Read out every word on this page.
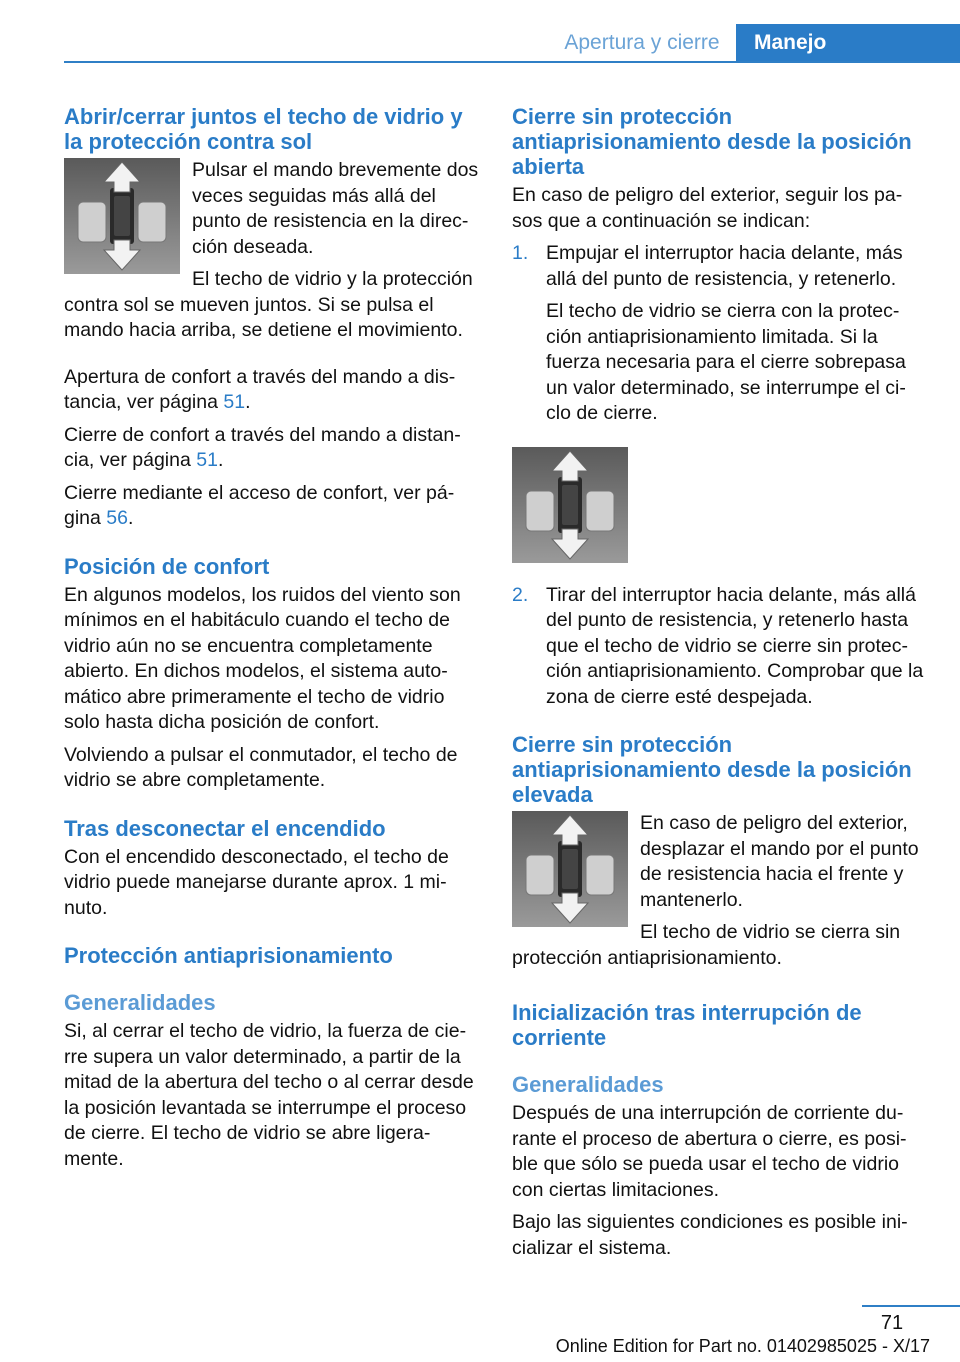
Apertura y cierre	Manejo
Abrir/cerrar juntos el techo de vidrio y la protección contra sol

Pulsar el mando brevemente dos veces seguidas más allá del punto de resistencia en la direc‐ción deseada.

El techo de vidrio y la protección contra sol se mueven juntos. Si se pulsa el mando hacia arriba, se detiene el movimiento.

Apertura de confort a través del mando a dis‐tancia, ver página 51.

Cierre de confort a través del mando a distan‐cia, ver página 51.

Cierre mediante el acceso de confort, ver pá‐gina 56.

Posición de confort

En algunos modelos, los ruidos del viento son mínimos en el habitáculo cuando el techo de vidrio aún no se encuentra completamente abierto. En dichos modelos, el sistema auto‐mático abre primeramente el techo de vidrio solo hasta dicha posición de confort.

Volviendo a pulsar el conmutador, el techo de vidrio se abre completamente.

Tras desconectar el encendido

Con el encendido desconectado, el techo de vidrio puede manejarse durante aprox. 1 mi‐nuto.

Protección antiaprisionamiento
Generalidades

Si, al cerrar el techo de vidrio, la fuerza de cie‐rre supera un valor determinado, a partir de la mitad de la abertura del techo o al cerrar desde la posición levantada se interrumpe el proceso de cierre. El techo de vidrio se abre ligera‐mente.

Cierre sin protección antiaprisionamiento desde la posición abierta

En caso de peligro del exterior, seguir los pa‐sos que a continuación se indican:

1. Empujar el interruptor hacia delante, más allá del punto de resistencia, y retenerlo.

El techo de vidrio se cierra con la protec‐ción antiaprisionamiento limitada. Si la fuerza necesaria para el cierre sobrepasa un valor determinado, se interrumpe el ci‐clo de cierre.

2. Tirar del interruptor hacia delante, más allá del punto de resistencia, y retenerlo hasta que el techo de vidrio se cierre sin protec‐ción antiaprisionamiento. Comprobar que la zona de cierre esté despejada.

Cierre sin protección antiaprisionamiento desde la posición elevada

En caso de peligro del exterior, desplazar el mando por el punto de resistencia hacia el frente y mantenerlo.

El techo de vidrio se cierra sin protección antiaprisionamiento.

Inicialización tras interrupción de corriente
Generalidades

Después de una interrupción de corriente du‐rante el proceso de abertura o cierre, es posi‐ble que sólo se pueda usar el techo de vidrio con ciertas limitaciones.

Bajo las siguientes condiciones es posible ini‐cializar el sistema.

71
Online Edition for Part no. 01402985025 - X/17
